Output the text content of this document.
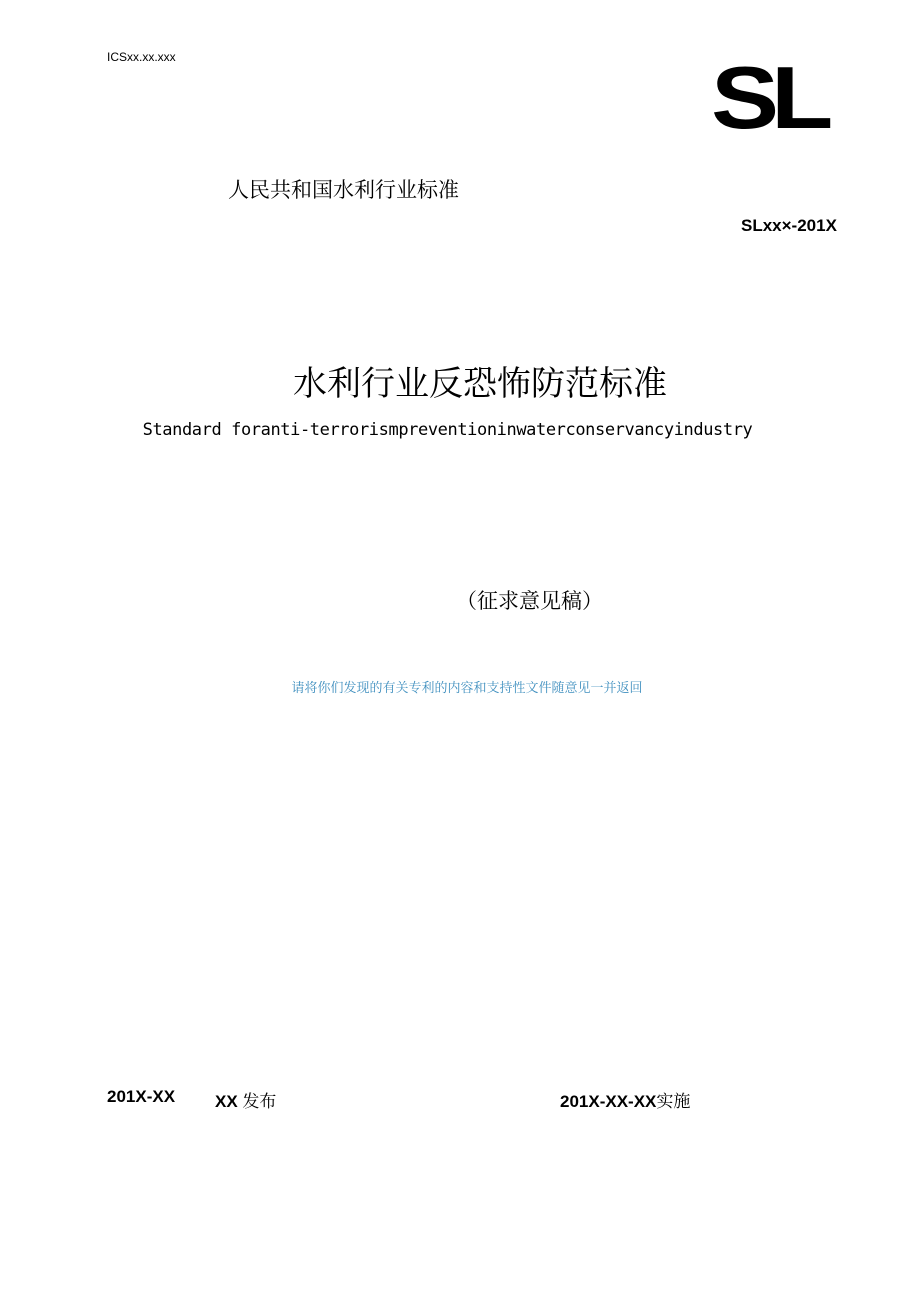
ICSxx.xx.xxx	SL
人民共和国水利行业标准
SLxx×-201X
水利行业反恐怖防范标准
Standard foranti-terrorismpreventioninwaterconservancyindustry
（征求意见稿）
请将你们发现的有关专利的内容和支持性文件随意见一并返回
201X-XX XX 发布	201X-XX-XX实施
